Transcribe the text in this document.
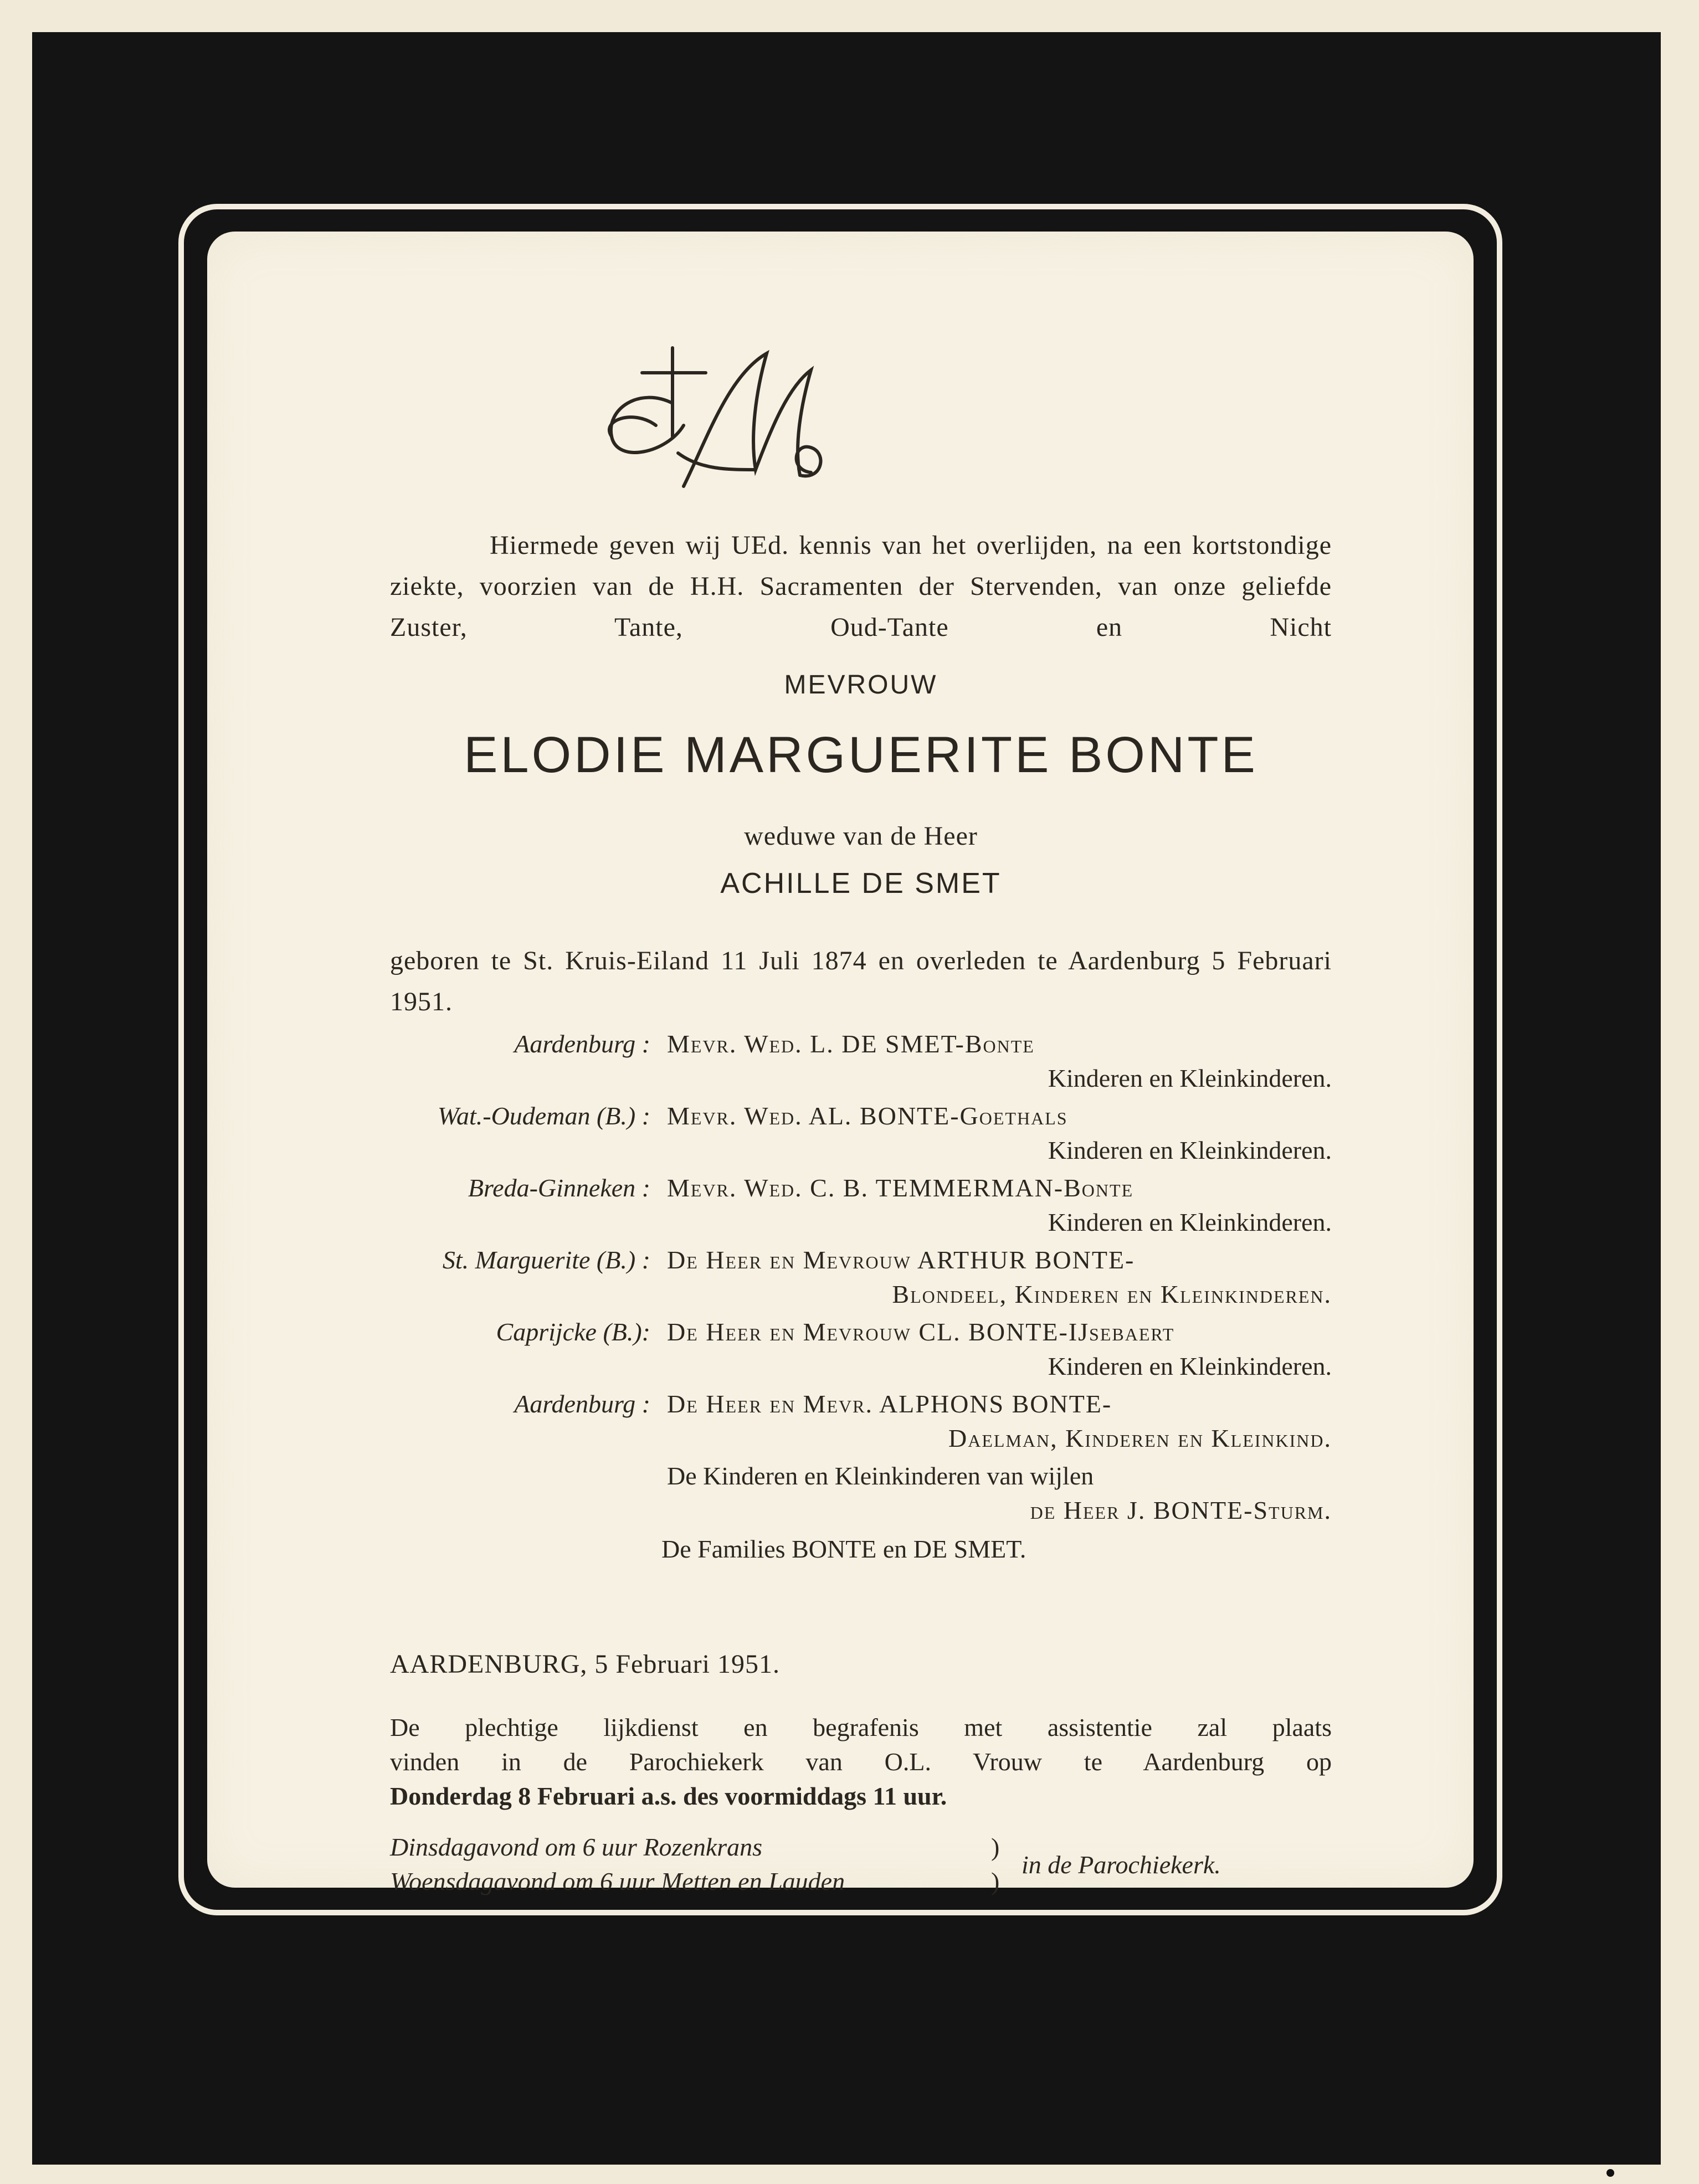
Hiermede geven wij UEd. kennis van het overlijden, na een kortstondige ziekte, voorzien van de H.H. Sacramenten der Stervenden, van onze geliefde Zuster, Tante, Oud-Tante en Nicht
MEVROUW
ELODIE MARGUERITE BONTE
weduwe van de Heer
ACHILLE DE SMET
geboren te St. Kruis-Eiland 11 Juli 1874 en overleden te Aardenburg 5 Februari 1951.
Aardenburg : Mevr. Wed. L. DE SMET-Bonte
Kinderen en Kleinkinderen.
Wat.-Oudeman (B.) : Mevr. Wed. AL. BONTE-Goethals
Kinderen en Kleinkinderen.
Breda-Ginneken : Mevr. Wed. C. B. TEMMERMAN-Bonte
Kinderen en Kleinkinderen.
St. Marguerite (B.) : De Heer en Mevrouw ARTHUR BONTE-
Blondeel, Kinderen en Kleinkinderen.
Caprijcke (B.): De Heer en Mevrouw CL. BONTE-IJsebaert
Kinderen en Kleinkinderen.
Aardenburg : De Heer en Mevr. ALPHONS BONTE-
Daelman, Kinderen en Kleinkind.
De Kinderen en Kleinkinderen van wijlen
de Heer J. BONTE-Sturm.
De Families BONTE en DE SMET.
AARDENBURG, 5 Februari 1951.
De plechtige lijkdienst en begrafenis met assistentie zal plaats
vinden in de Parochiekerk van O.L. Vrouw te Aardenburg op
Donderdag 8 Februari a.s. des voormiddags 11 uur.
Dinsdagavond om 6 uur Rozenkrans
Woensdagavond om 6 uur Metten en Lauden
)
)
in de Parochiekerk.
